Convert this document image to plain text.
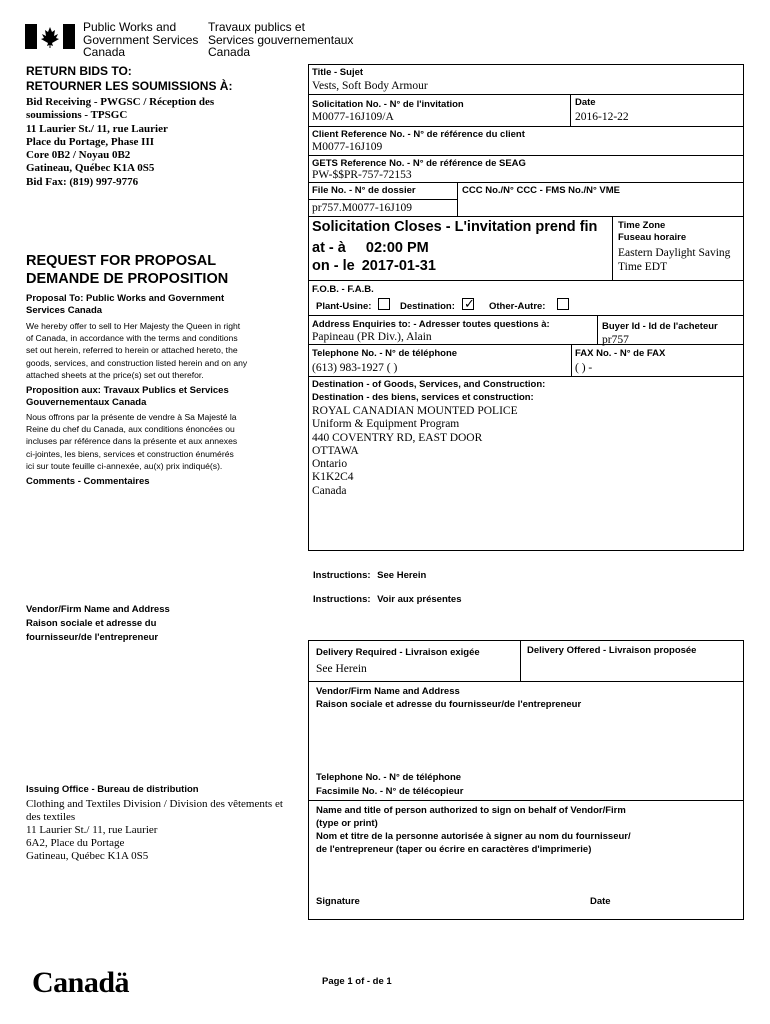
Public Works and
Government Services
Canada
Travaux publics et
Services gouvernementaux
Canada
RETURN BIDS TO:
RETOURNER LES SOUMISSIONS À:
Bid Receiving - PWGSC / Réception des
soumissions - TPSGC
11 Laurier St./ 11, rue Laurier
Place du Portage, Phase III
Core 0B2 / Noyau 0B2
Gatineau, Québec K1A 0S5
Bid Fax: (819) 997-9776
REQUEST FOR PROPOSAL
DEMANDE DE PROPOSITION
Proposal To: Public Works and Government
Services Canada
We hereby offer to sell to Her Majesty the Queen in right
of Canada, in accordance with the terms and conditions
set out herein, referred to herein or attached hereto, the
goods, services, and construction listed herein and on any
attached sheets at the price(s) set out therefor.
Proposition aux: Travaux Publics et Services
Gouvernementaux Canada
Nous offrons par la présente de vendre à Sa Majesté la
Reine du chef du Canada, aux conditions énoncées ou
incluses par référence dans la présente et aux annexes
ci-jointes, les biens, services et construction énumérés
ici sur toute feuille ci-annexée, au(x) prix indiqué(s).
Comments - Commentaires
Vendor/Firm Name and Address
Raison sociale et adresse du
fournisseur/de l'entrepreneur
Issuing Office - Bureau de distribution
Clothing and Textiles Division / Division des vêtements et
des textiles
11 Laurier St./ 11, rue Laurier
6A2, Place du Portage
Gatineau, Québec K1A 0S5
Title - Sujet
Vests, Soft Body Armour
Solicitation No. - N° de l'invitation
M0077-16J109/A
Date
2016-12-22
Client Reference No. - N° de référence du client
M0077-16J109
GETS Reference No. - N° de référence de SEAG
PW-$$PR-757-72153
File No. - N° de dossier
pr757.M0077-16J109
CCC No./N° CCC - FMS No./N° VME
Solicitation Closes - L'invitation prend fin
at - à 02:00 PM
on - le 2017-01-31
Time Zone
Fuseau horaire
Eastern Daylight Saving
Time EDT
F.O.B. - F.A.B.
Plant-Usine:	Destination: ✓ Other-Autre:
Address Enquiries to: - Adresser toutes questions à:
Papineau (PR Div.), Alain
Buyer Id - Id de l'acheteur
pr757
Telephone No. - N° de téléphone
(613) 983-1927 ( )
FAX No. - N° de FAX
( ) -
Destination - of Goods, Services, and Construction:
Destination - des biens, services et construction:
ROYAL CANADIAN MOUNTED POLICE
Uniform & Equipment Program
440 COVENTRY RD, EAST DOOR
OTTAWA
Ontario
K1K2C4
Canada
Instructions: See Herein
Instructions: Voir aux présentes
Delivery Required - Livraison exigée
See Herein
Delivery Offered - Livraison proposée
Vendor/Firm Name and Address
Raison sociale et adresse du fournisseur/de l'entrepreneur
Telephone No. - N° de téléphone
Facsimile No. - N° de télécopieur
Name and title of person authorized to sign on behalf of Vendor/Firm
(type or print)
Nom et titre de la personne autorisée à signer au nom du fournisseur/
de l'entrepreneur (taper ou écrire en caractères d'imprimerie)
Signature	Date
Canadä	Page 1 of - de 1
